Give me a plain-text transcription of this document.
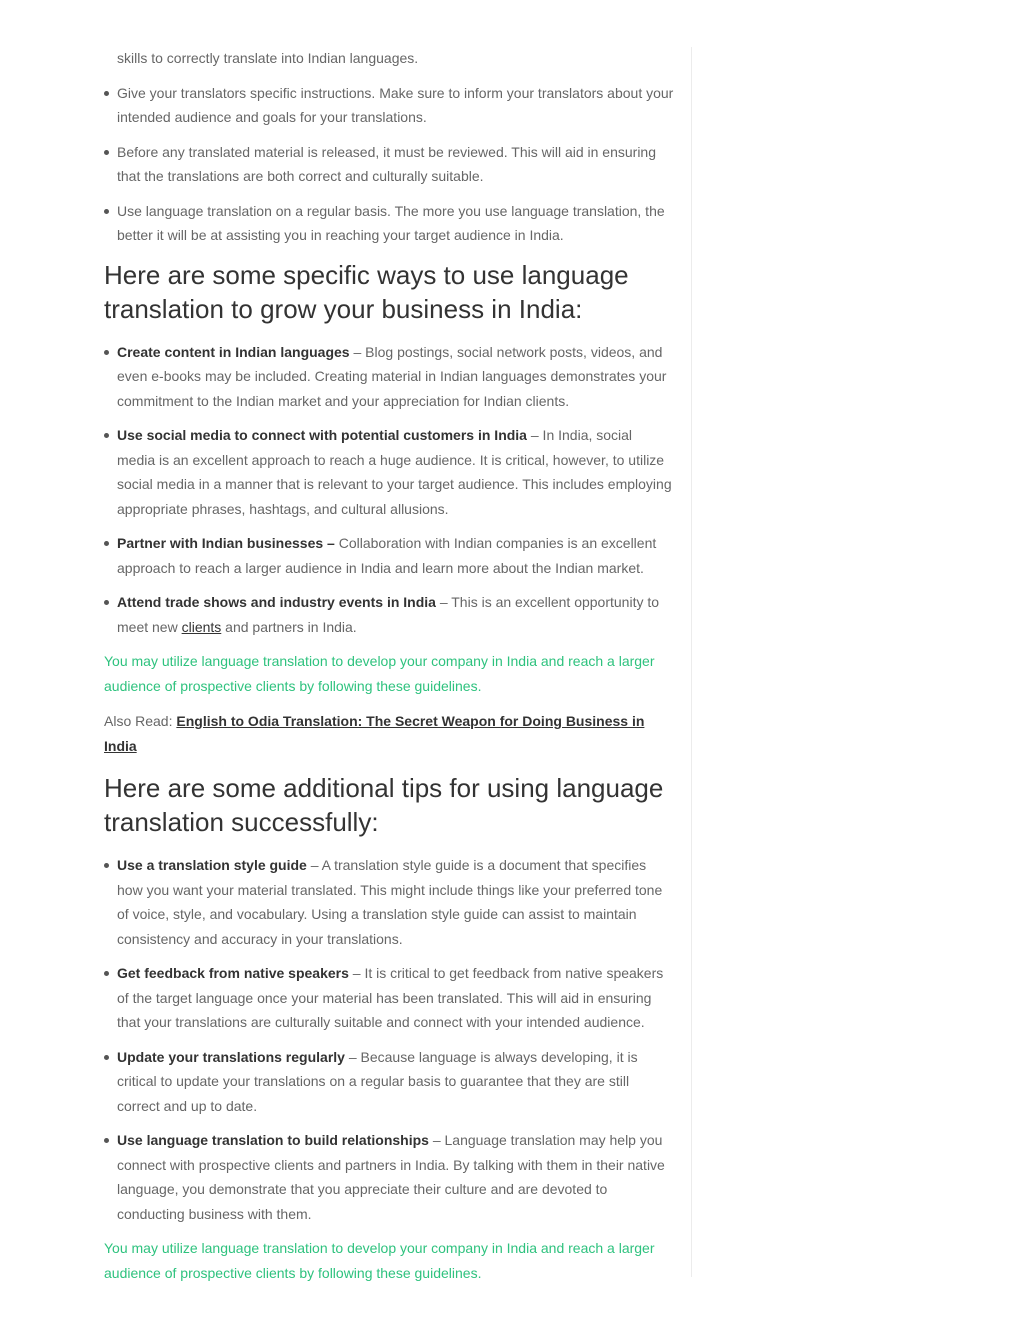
skills to correctly translate into Indian languages.

Give your translators specific instructions. Make sure to inform your translators about your intended audience and goals for your translations.
Before any translated material is released, it must be reviewed. This will aid in ensuring that the translations are both correct and culturally suitable.
Use language translation on a regular basis. The more you use language translation, the better it will be at assisting you in reaching your target audience in India.
Here are some specific ways to use language translation to grow your business in India:
Create content in Indian languages – Blog postings, social network posts, videos, and even e-books may be included. Creating material in Indian languages demonstrates your commitment to the Indian market and your appreciation for Indian clients.
Use social media to connect with potential customers in India – In India, social media is an excellent approach to reach a huge audience. It is critical, however, to utilize social media in a manner that is relevant to your target audience. This includes employing appropriate phrases, hashtags, and cultural allusions.
Partner with Indian businesses – Collaboration with Indian companies is an excellent approach to reach a larger audience in India and learn more about the Indian market.
Attend trade shows and industry events in India – This is an excellent opportunity to meet new clients and partners in India.

You may utilize language translation to develop your company in India and reach a larger audience of prospective clients by following these guidelines.

Also Read: English to Odia Translation: The Secret Weapon for Doing Business in India

Here are some additional tips for using language translation successfully:
Use a translation style guide – A translation style guide is a document that specifies how you want your material translated. This might include things like your preferred tone of voice, style, and vocabulary. Using a translation style guide can assist to maintain consistency and accuracy in your translations.
Get feedback from native speakers – It is critical to get feedback from native speakers of the target language once your material has been translated. This will aid in ensuring that your translations are culturally suitable and connect with your intended audience.
Update your translations regularly – Because language is always developing, it is critical to update your translations on a regular basis to guarantee that they are still correct and up to date.
Use language translation to build relationships – Language translation may help you connect with prospective clients and partners in India. By talking with them in their native language, you demonstrate that you appreciate their culture and are devoted to conducting business with them.

You may utilize language translation to develop your company in India and reach a larger audience of prospective clients by following these guidelines.
